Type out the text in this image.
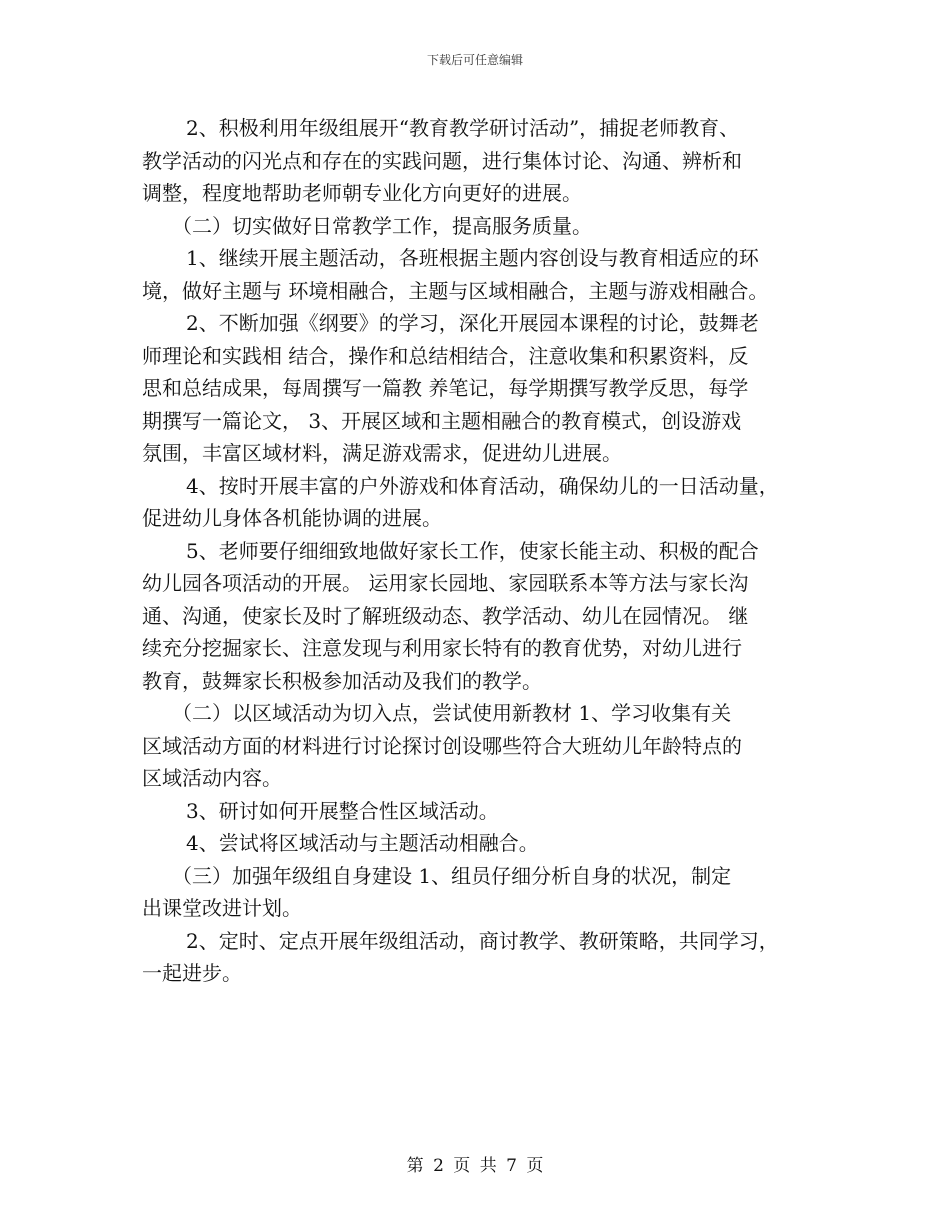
下载后可任意编辑
2、积极利用年级组展开“教育教学研讨活动”，捕捉老师教育、
教学活动的闪光点和存在的实践问题，进行集体讨论、沟通、辨析和
调整，程度地帮助老师朝专业化方向更好的进展。
（二）切实做好日常教学工作，提高服务质量。
1、继续开展主题活动，各班根据主题内容创设与教育相适应的环
境，做好主题与 环境相融合，主题与区域相融合，主题与游戏相融合。
2、不断加强《纲要》的学习，深化开展园本课程的讨论，鼓舞老
师理论和实践相 结合，操作和总结相结合，注意收集和积累资料，反
思和总结成果，每周撰写一篇教 养笔记，每学期撰写教学反思，每学
期撰写一篇论文， 3、开展区域和主题相融合的教育模式，创设游戏
氛围，丰富区域材料，满足游戏需求，促进幼儿进展。
4、按时开展丰富的户外游戏和体育活动，确保幼儿的一日活动量，
促进幼儿身体各机能协调的进展。
5、老师要仔细细致地做好家长工作，使家长能主动、积极的配合
幼儿园各项活动的开展。 运用家长园地、家园联系本等方法与家长沟
通、沟通，使家长及时了解班级动态、教学活动、幼儿在园情况。 继
续充分挖掘家长、注意发现与利用家长特有的教育优势，对幼儿进行
教育，鼓舞家长积极参加活动及我们的教学。
（二）以区域活动为切入点，尝试使用新教材 1、学习收集有关
区域活动方面的材料进行讨论探讨创设哪些符合大班幼儿年龄特点的
区域活动内容。
3、研讨如何开展整合性区域活动。
4、尝试将区域活动与主题活动相融合。
（三）加强年级组自身建设 1、组员仔细分析自身的状况，制定
出课堂改进计划。
2、定时、定点开展年级组活动，商讨教学、教研策略，共同学习，
一起进步。
第 2 页 共 7 页
